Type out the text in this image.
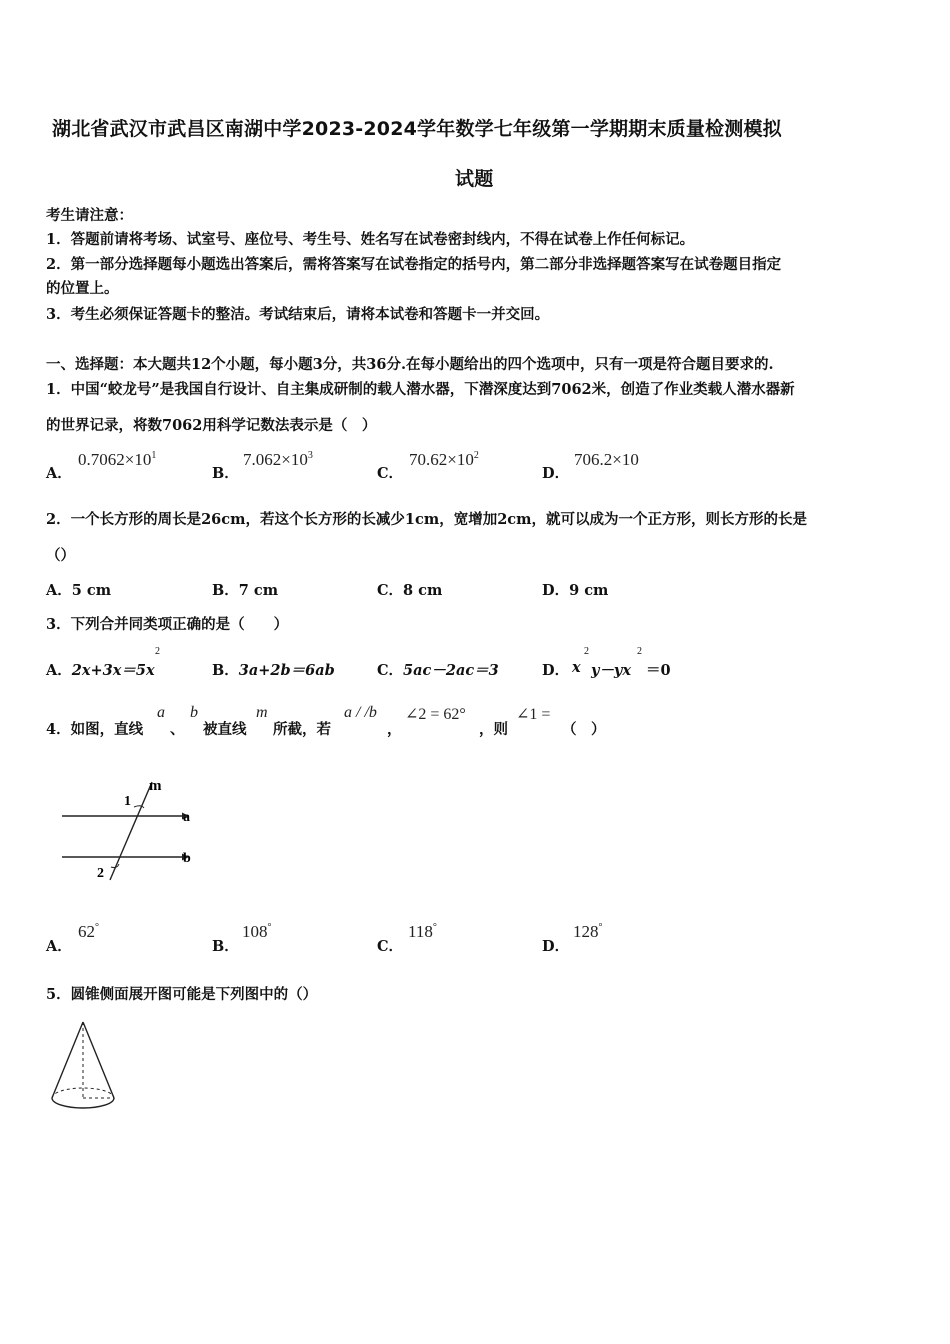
湖北省武汉市武昌区南湖中学2023-2024学年数学七年级第一学期期末质量检测模拟
试题
考生请注意：
1．答题前请将考场、试室号、座位号、考生号、姓名写在试卷密封线内，不得在试卷上作任何标记。
2．第一部分选择题每小题选出答案后，需将答案写在试卷指定的括号内，第二部分非选择题答案写在试卷题目指定
的位置上。
3．考生必须保证答题卡的整洁。考试结束后，请将本试卷和答题卡一并交回。
一、选择题：本大题共12个小题，每小题3分，共36分.在每小题给出的四个选项中，只有一项是符合题目要求的.
1．中国“蛟龙号”是我国自行设计、自主集成研制的载人潜水器，下潜深度达到7062米，创造了作业类载人潜水器新
的世界记录，将数7062用科学记数法表示是（　）
A．
$0.7062\times 10^1$
B．
$7.062\times 10^3$
C．
$70.62\times 10^2$
D．
706.2×10
2．一个长方形的周长是26cm，若这个长方形的长减少1cm，宽增加2cm，就可以成为一个正方形，则长方形的长是
（）
A．5 cm	B．7 cm	C．8 cm	D．9 cm
3．下列合并同类项正确的是（　　）
A．2x+3x＝5x
2
B．3a+2b＝6ab	C．5ac－2ac＝3	D． x
2
y－yx
2
＝0
4．如图，直线
a
、
b
被直线
m
所截，若
a / /b
，
∠2 = 62°
，则
∠1 =
（　）
m
1
a
b
2
A．
62°
B．
108°
C．
118°
D．
128°
5．圆锥侧面展开图可能是下列图中的（）
